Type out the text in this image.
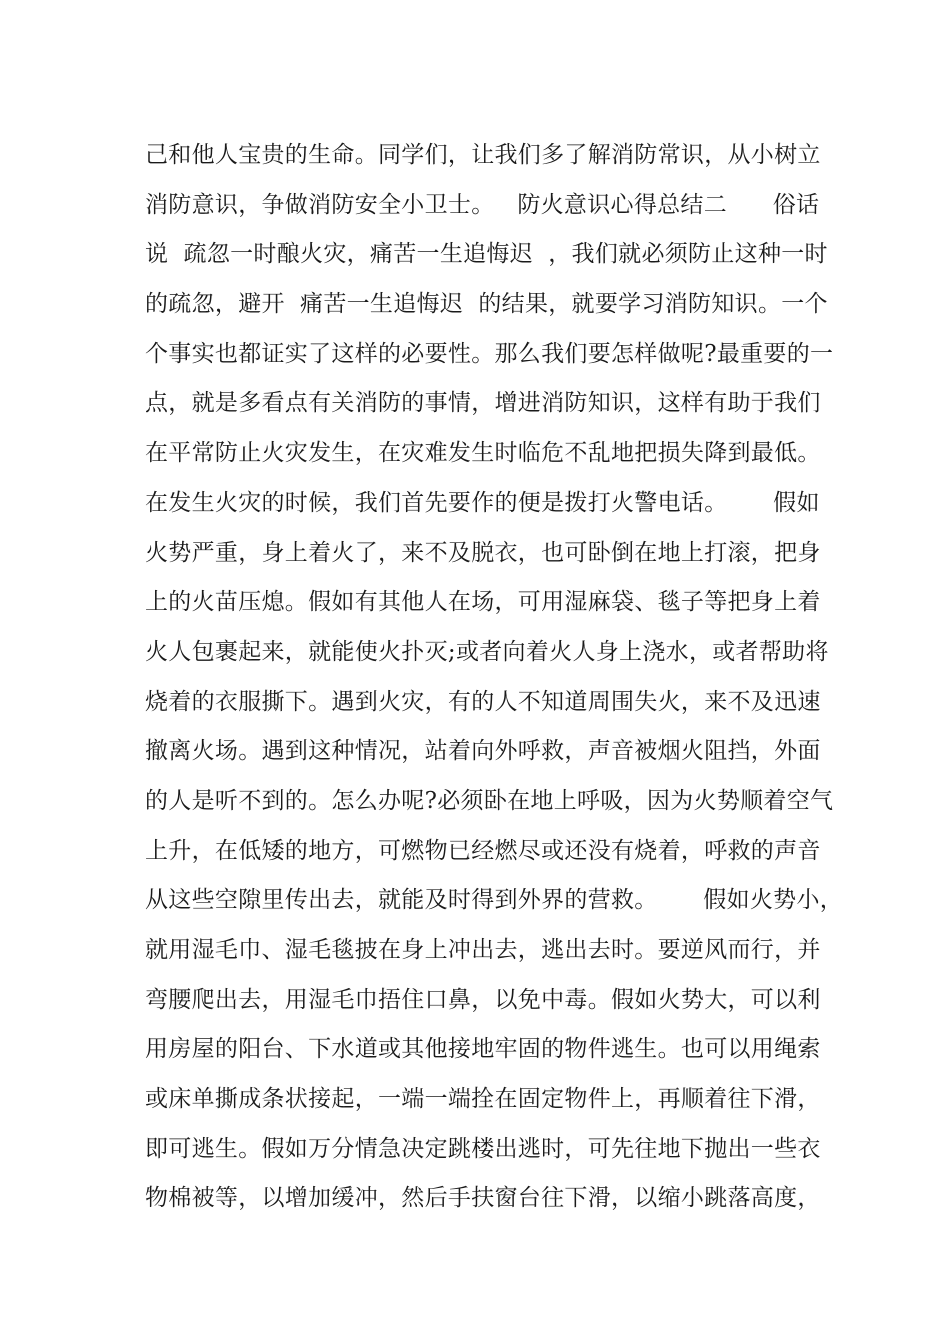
己和他人宝贵的生命。同学们，让我们多了解消防常识，从小树立
消防意识，争做消防安全小卫士。   防火意识心得总结二      俗话
说  疏忽一时酿火灾，痛苦一生追悔迟  ，我们就必须防止这种一时
的疏忽，避开  痛苦一生追悔迟  的结果，就要学习消防知识。一个
个事实也都证实了这样的必要性。那么我们要怎样做呢?最重要的一
点，就是多看点有关消防的事情，增进消防知识，这样有助于我们
在平常防止火灾发生，在灾难发生时临危不乱地把损失降到最低。
在发生火灾的时候，我们首先要作的便是拨打火警电话。      假如
火势严重，身上着火了，来不及脱衣，也可卧倒在地上打滚，把身
上的火苗压熄。假如有其他人在场，可用湿麻袋、毯子等把身上着
火人包裹起来，就能使火扑灭;或者向着火人身上浇水，或者帮助将
烧着的衣服撕下。遇到火灾，有的人不知道周围失火，来不及迅速
撤离火场。遇到这种情况，站着向外呼救，声音被烟火阻挡，外面
的人是听不到的。怎么办呢?必须卧在地上呼吸，因为火势顺着空气
上升，在低矮的地方，可燃物已经燃尽或还没有烧着，呼救的声音
从这些空隙里传出去，就能及时得到外界的营救。      假如火势小，
就用湿毛巾、湿毛毯披在身上冲出去，逃出去时。要逆风而行，并
弯腰爬出去，用湿毛巾捂住口鼻，以免中毒。假如火势大，可以利
用房屋的阳台、下水道或其他接地牢固的物件逃生。也可以用绳索
或床单撕成条状接起，一端一端拴在固定物件上，再顺着往下滑，
即可逃生。假如万分情急决定跳楼出逃时，可先往地下抛出一些衣
物棉被等，以增加缓冲，然后手扶窗台往下滑，以缩小跳落高度，
